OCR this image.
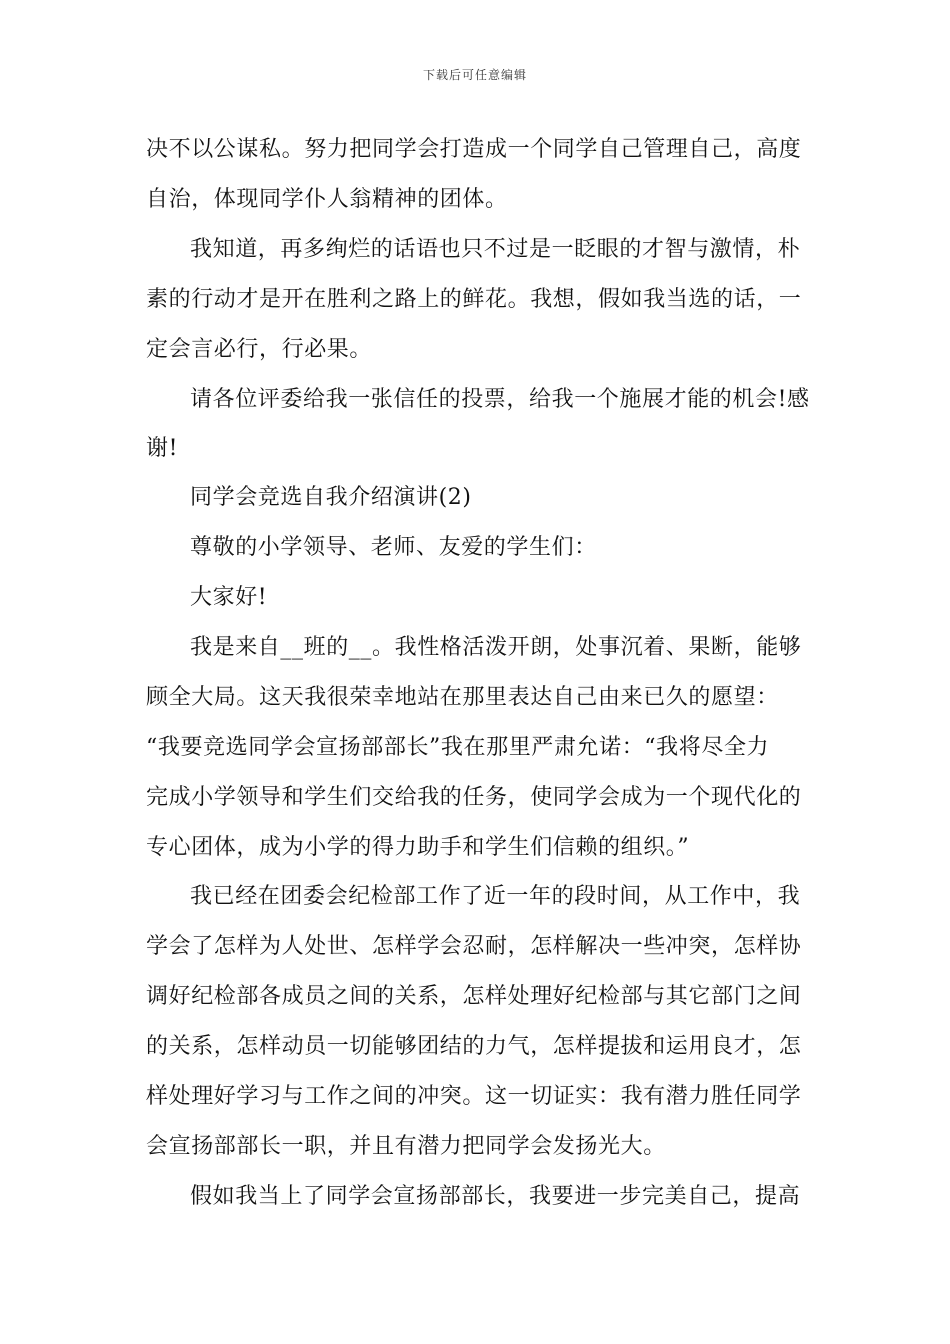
下载后可任意编辑
决不以公谋私。努力把同学会打造成一个同学自己管理自己，高度
自治，体现同学仆人翁精神的团体。
我知道，再多绚烂的话语也只不过是一眨眼的才智与激情，朴
素的行动才是开在胜利之路上的鲜花。我想，假如我当选的话，一
定会言必行，行必果。
请各位评委给我一张信任的投票，给我一个施展才能的机会!感
谢!
同学会竞选自我介绍演讲(2)
尊敬的小学领导、老师、友爱的学生们：
大家好!
我是来自__班的__。我性格活泼开朗，处事沉着、果断，能够
顾全大局。这天我很荣幸地站在那里表达自己由来已久的愿望：
“我要竞选同学会宣扬部部长”我在那里严肃允诺：“我将尽全力
完成小学领导和学生们交给我的任务，使同学会成为一个现代化的
专心团体，成为小学的得力助手和学生们信赖的组织。”
我已经在团委会纪检部工作了近一年的段时间，从工作中，我
学会了怎样为人处世、怎样学会忍耐，怎样解决一些冲突，怎样协
调好纪检部各成员之间的关系，怎样处理好纪检部与其它部门之间
的关系，怎样动员一切能够团结的力气，怎样提拔和运用良才，怎
样处理好学习与工作之间的冲突。这一切证实：我有潜力胜任同学
会宣扬部部长一职，并且有潜力把同学会发扬光大。
假如我当上了同学会宣扬部部长，我要进一步完美自己，提高
